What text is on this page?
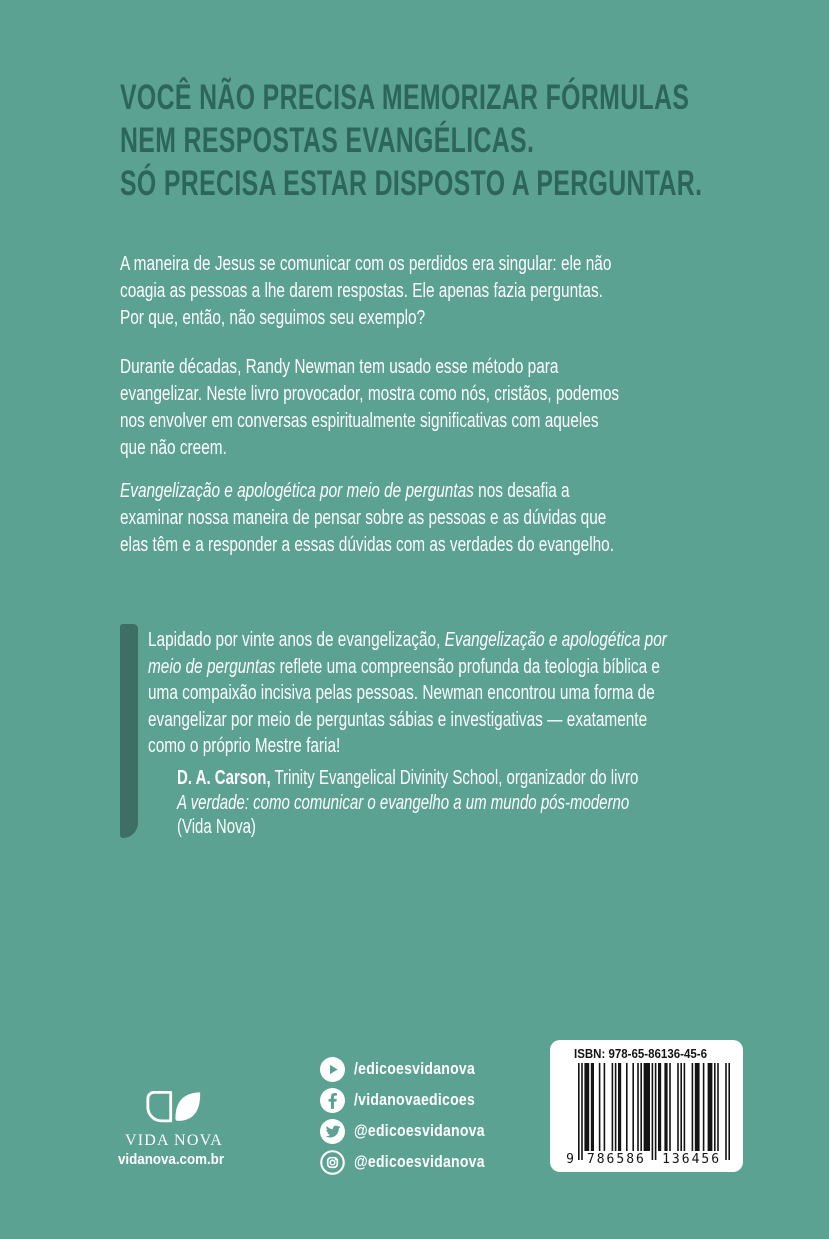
VOCÊ NÃO PRECISA MEMORIZAR FÓRMULAS
NEM RESPOSTAS EVANGÉLICAS.
SÓ PRECISA ESTAR DISPOSTO A PERGUNTAR.
A maneira de Jesus se comunicar com os perdidos era singular: ele não
coagia as pessoas a lhe darem respostas. Ele apenas fazia perguntas.
Por que, então, não seguimos seu exemplo?
Durante décadas, Randy Newman tem usado esse método para
evangelizar. Neste livro provocador, mostra como nós, cristãos, podemos
nos envolver em conversas espiritualmente significativas com aqueles
que não creem.
Evangelização e apologética por meio de perguntas nos desafia a
examinar nossa maneira de pensar sobre as pessoas e as dúvidas que
elas têm e a responder a essas dúvidas com as verdades do evangelho.
Lapidado por vinte anos de evangelização, Evangelização e apologética por
meio de perguntas reflete uma compreensão profunda da teologia bíblica e
uma compaixão incisiva pelas pessoas. Newman encontrou uma forma de
evangelizar por meio de perguntas sábias e investigativas — exatamente
como o próprio Mestre faria!
D. A. Carson, Trinity Evangelical Divinity School, organizador do livro
A verdade: como comunicar o evangelho a um mundo pós-moderno
(Vida Nova)
VIDA NOVA
vidanova.com.br
/edicoesvidanova
/vidanovaedicoes
@edicoesvidanova
@edicoesvidanova
ISBN: 978-65-86136-45-6
9 786586 136456
